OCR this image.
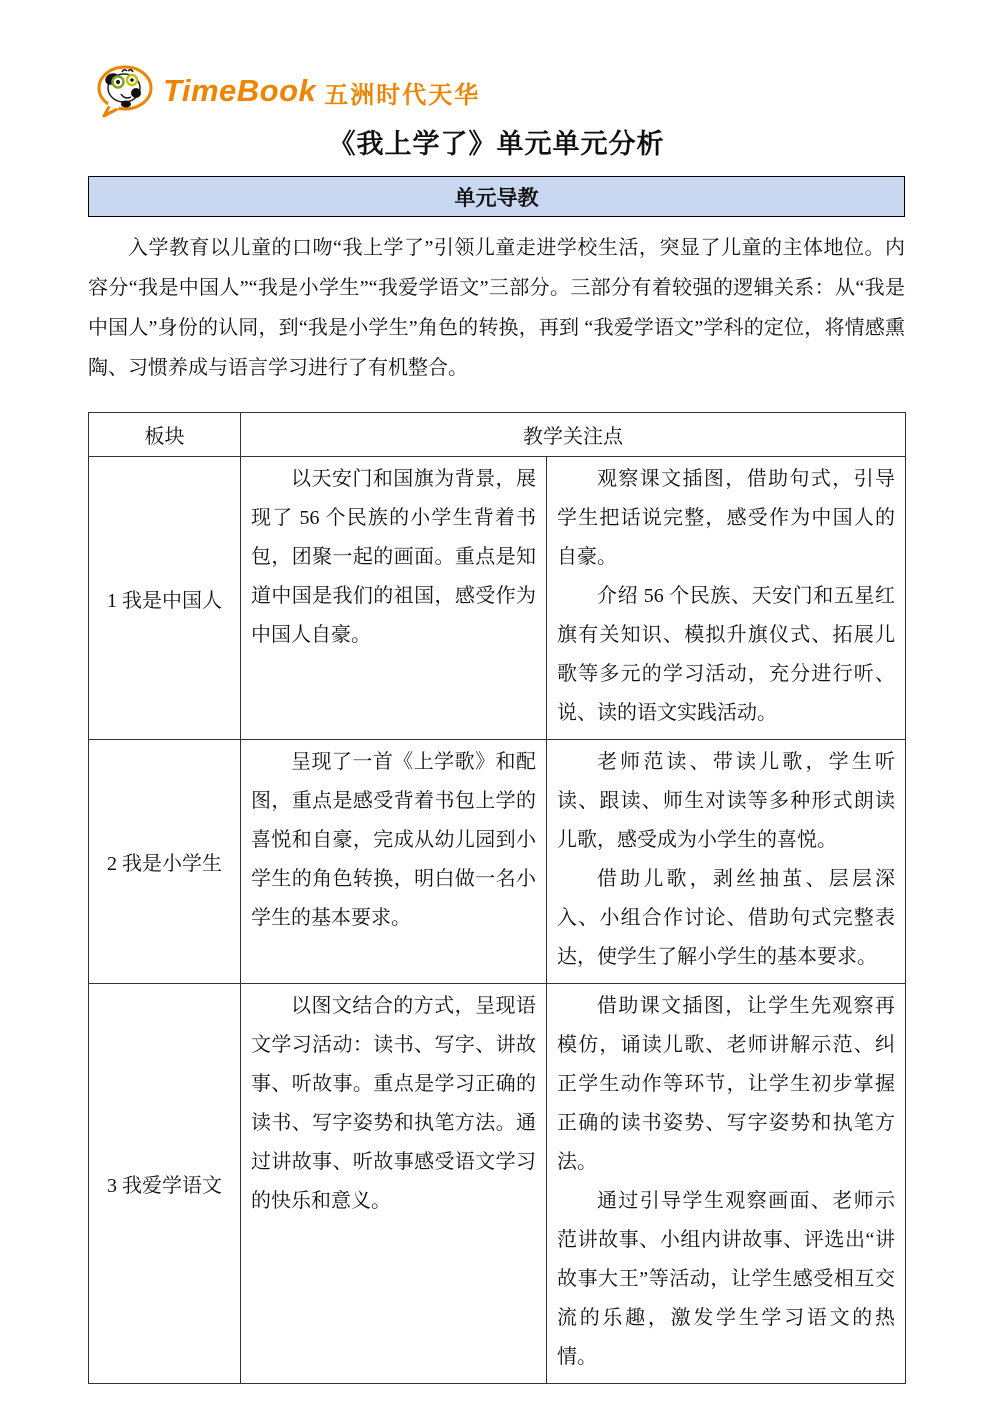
TimeBook 五洲时代天华
《我上学了》单元单元分析
单元导教

入学教育以儿童的口吻“我上学了”引领儿童走进学校生活，突显了儿童的主体地位。内容分“我是中国人”“我是小学生”“我爱学语文”三部分。三部分有着较强的逻辑关系：从“我是中国人”身份的认同，到“我是小学生”角色的转换，再到 “我爱学语文”学科的定位，将情感熏陶、习惯养成与语言学习进行了有机整合。

板块	教学关注点	
1 我是中国人	以天安门和国旗为背景，展现了 56 个民族的小学生背着书包，团聚一起的画面。重点是知道中国是我们的祖国，感受作为中国人自豪。	观察课文插图，借助句式，引导学生把话说完整，感受作为中国人的自豪。

介绍 56 个民族、天安门和五星红旗有关知识、模拟升旗仪式、拓展儿歌等多元的学习活动，充分进行听、说、读的语文实践活动。

2 我是小学生	呈现了一首《上学歌》和配图，重点是感受背着书包上学的喜悦和自豪，完成从幼儿园到小学生的角色转换，明白做一名小学生的基本要求。	老师范读、带读儿歌，学生听读、跟读、师生对读等多种形式朗读儿歌，感受成为小学生的喜悦。

借助儿歌，剥丝抽茧、层层深入、小组合作讨论、借助句式完整表达，使学生了解小学生的基本要求。

3 我爱学语文	以图文结合的方式，呈现语文学习活动：读书、写字、讲故事、听故事。重点是学习正确的读书、写字姿势和执笔方法。通过讲故事、听故事感受语文学习的快乐和意义。	借助课文插图，让学生先观察再模仿，诵读儿歌、老师讲解示范、纠正学生动作等环节，让学生初步掌握正确的读书姿势、写字姿势和执笔方法。

通过引导学生观察画面、老师示范讲故事、小组内讲故事、评选出“讲故事大王”等活动，让学生感受相互交流的乐趣，激发学生学习语文的热情。
